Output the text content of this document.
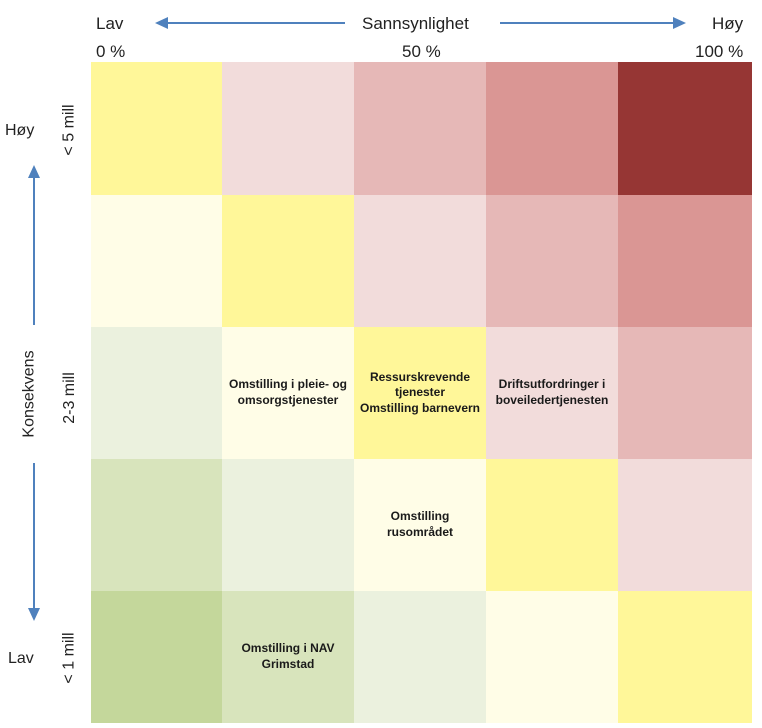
Lav	Sannsynlighet	Høy
0 %	50 %	100 %
Høy
Lav
Konsekvens
< 5 mill
2-3 mill
< 1 mill
Omstilling i pleie- og
omsorgstjenester
Ressurskrevende
tjenester
Omstilling barnevern
Driftsutfordringer i
boveiledertjenesten
Omstilling
rusområdet
Omstilling i NAV
Grimstad
